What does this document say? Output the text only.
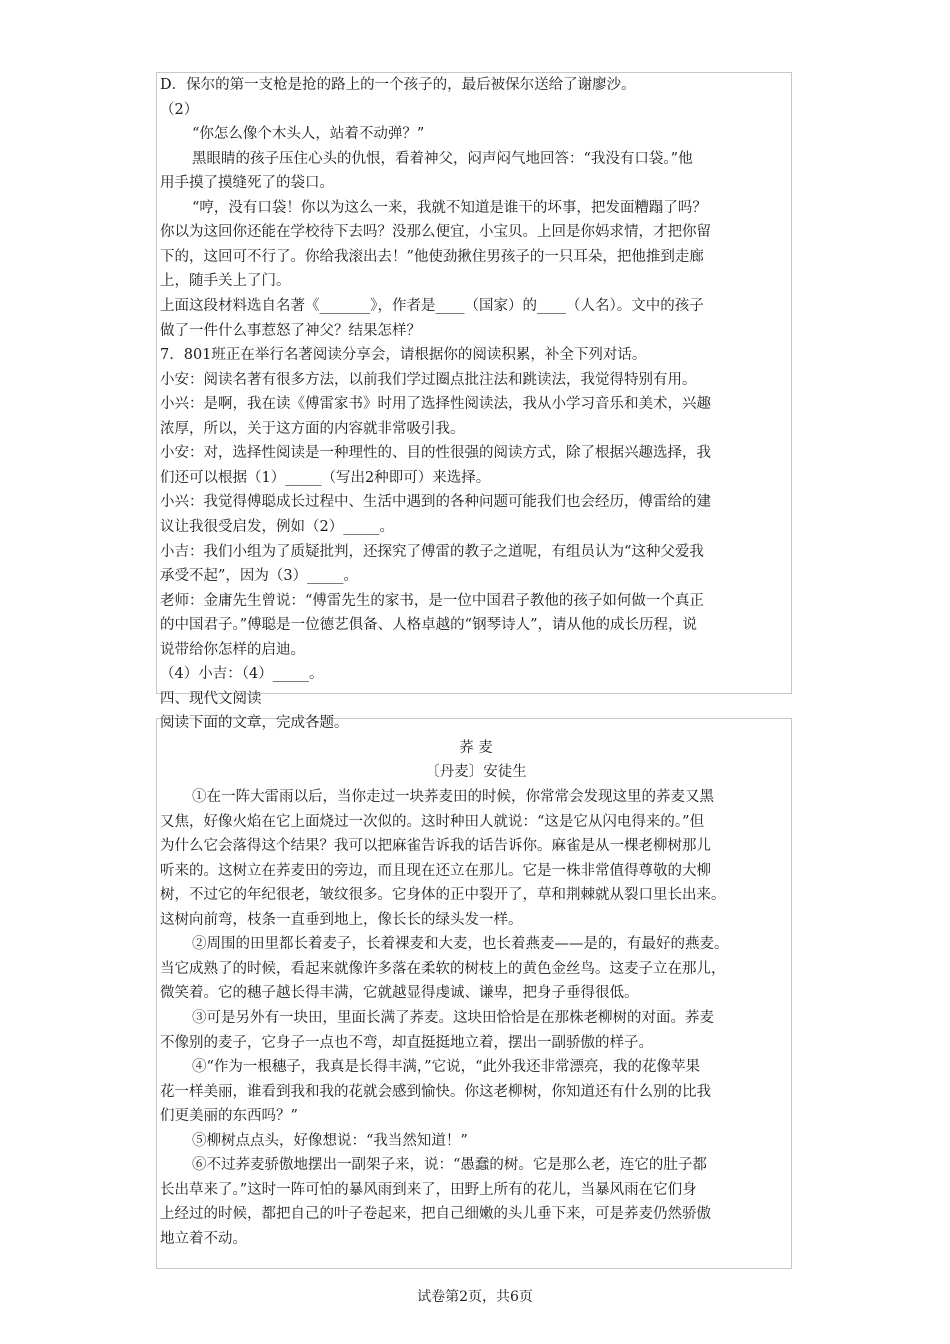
D．保尔的第一支枪是抢的路上的一个孩子的，最后被保尔送给了谢廖沙。
（2）
“你怎么像个木头人，站着不动弹？”
黑眼睛的孩子压住心头的仇恨，看着神父，闷声闷气地回答：“我没有口袋。”他
用手摸了摸缝死了的袋口。
“哼，没有口袋！你以为这么一来，我就不知道是谁干的坏事，把发面糟蹋了吗？
你以为这回你还能在学校待下去吗？没那么便宜，小宝贝。上回是你妈求情，才把你留
下的，这回可不行了。你给我滚出去！”他使劲揪住男孩子的一只耳朵，把他推到走廊
上，随手关上了门。
上面这段材料选自名著《_______》，作者是____（国家）的____（人名）。文中的孩子
做了一件什么事惹怒了神父？结果怎样？
7．801班正在举行名著阅读分享会，请根据你的阅读积累，补全下列对话。
小安：阅读名著有很多方法，以前我们学过圈点批注法和跳读法，我觉得特别有用。
小兴：是啊，我在读《傅雷家书》时用了选择性阅读法，我从小学习音乐和美术，兴趣
浓厚，所以，关于这方面的内容就非常吸引我。
小安：对，选择性阅读是一种理性的、目的性很强的阅读方式，除了根据兴趣选择，我
们还可以根据（1）_____（写出2种即可）来选择。
小兴：我觉得傅聪成长过程中、生活中遇到的各种问题可能我们也会经历，傅雷给的建
议让我很受启发，例如（2）_____。
小吉：我们小组为了质疑批判，还探究了傅雷的教子之道呢，有组员认为“这种父爱我
承受不起”，因为（3）_____。
老师：金庸先生曾说：“傅雷先生的家书，是一位中国君子教他的孩子如何做一个真正
的中国君子。”傅聪是一位德艺俱备、人格卓越的“钢琴诗人”，请从他的成长历程，说
说带给你怎样的启迪。
（4）小吉：（4）_____。
四、现代文阅读
阅读下面的文章，完成各题。
荞 麦
〔丹麦〕安徒生
①在一阵大雷雨以后，当你走过一块荞麦田的时候，你常常会发现这里的荞麦又黑
又焦，好像火焰在它上面烧过一次似的。这时种田人就说：“这是它从闪电得来的。”但
为什么它会落得这个结果？我可以把麻雀告诉我的话告诉你。麻雀是从一棵老柳树那儿
听来的。这树立在荞麦田的旁边，而且现在还立在那儿。它是一株非常值得尊敬的大柳
树，不过它的年纪很老，皱纹很多。它身体的正中裂开了，草和荆棘就从裂口里长出来。
这树向前弯，枝条一直垂到地上，像长长的绿头发一样。
②周围的田里都长着麦子，长着裸麦和大麦，也长着燕麦——是的，有最好的燕麦。
当它成熟了的时候，看起来就像许多落在柔软的树枝上的黄色金丝鸟。这麦子立在那儿，
微笑着。它的穗子越长得丰满，它就越显得虔诚、谦卑，把身子垂得很低。
③可是另外有一块田，里面长满了荞麦。这块田恰恰是在那株老柳树的对面。荞麦
不像别的麦子，它身子一点也不弯，却直挺挺地立着，摆出一副骄傲的样子。
④“作为一根穗子，我真是长得丰满，”它说，“此外我还非常漂亮，我的花像苹果
花一样美丽，谁看到我和我的花就会感到愉快。你这老柳树，你知道还有什么别的比我
们更美丽的东西吗？”
⑤柳树点点头，好像想说：“我当然知道！”
⑥不过荞麦骄傲地摆出一副架子来，说：“愚蠢的树。它是那么老，连它的肚子都
长出草来了。”这时一阵可怕的暴风雨到来了，田野上所有的花儿，当暴风雨在它们身
上经过的时候，都把自己的叶子卷起来，把自己细嫩的头儿垂下来，可是荞麦仍然骄傲
地立着不动。
试卷第2页，共6页
